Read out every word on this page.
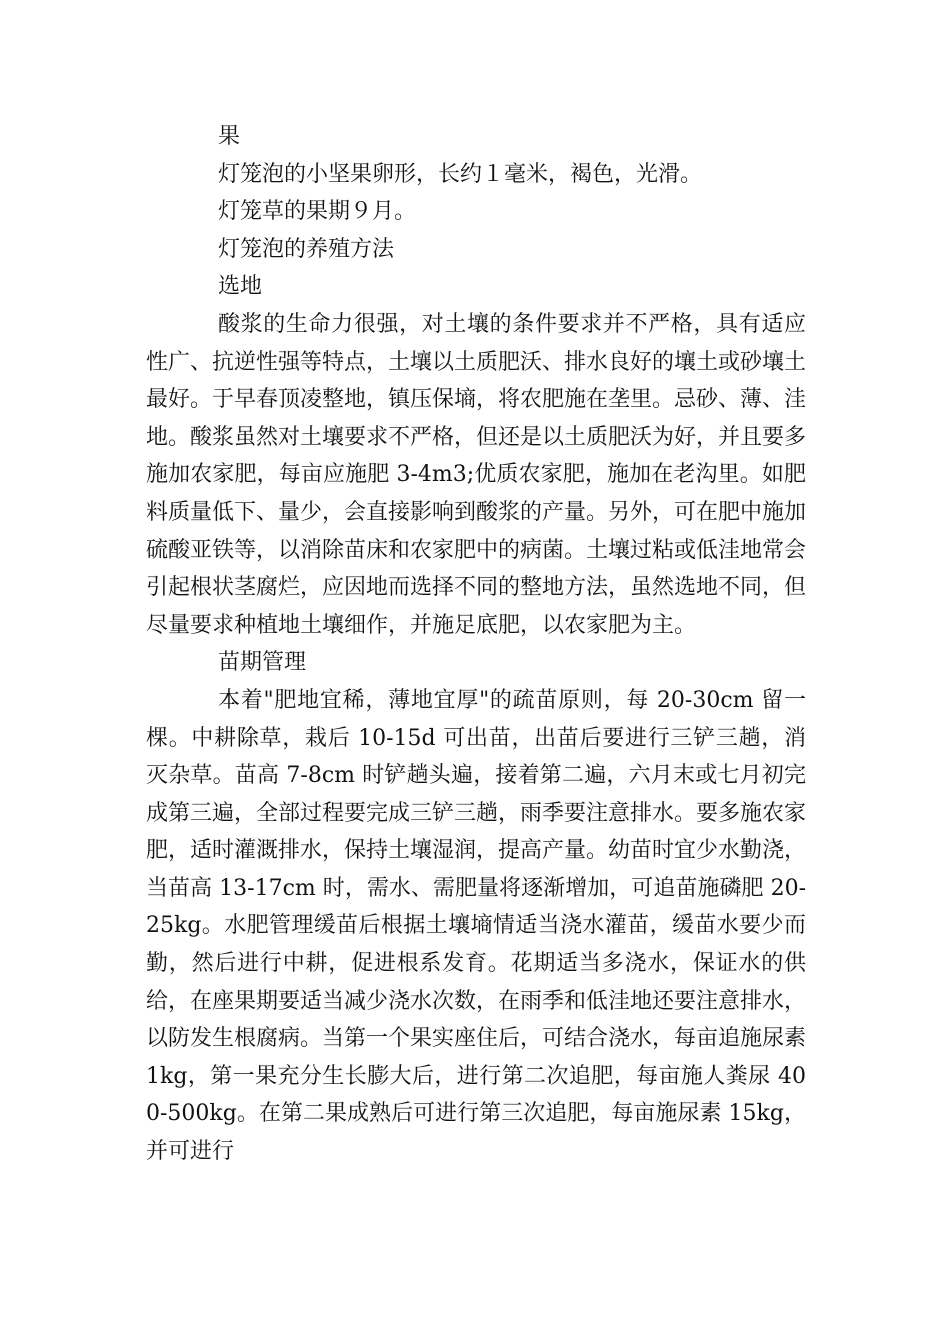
果

灯笼泡的小坚果卵形，长约１毫米，褐色，光滑。

灯笼草的果期９月。

灯笼泡的养殖方法

选地

酸浆的生命力很强，对土壤的条件要求并不严格，具有适应性广、抗逆性强等特点，土壤以土质肥沃、排水良好的壤土或砂壤土最好。于早春顶凌整地，镇压保墒，将农肥施在垄里。忌砂、薄、洼地。酸浆虽然对土壤要求不严格，但还是以土质肥沃为好，并且要多施加农家肥，每亩应施肥 3-4m3;优质农家肥，施加在老沟里。如肥料质量低下、量少，会直接影响到酸浆的产量。另外，可在肥中施加硫酸亚铁等，以消除苗床和农家肥中的病菌。土壤过粘或低洼地常会引起根状茎腐烂，应因地而选择不同的整地方法，虽然选地不同，但尽量要求种植地土壤细作，并施足底肥，以农家肥为主。

苗期管理

本着"肥地宜稀，薄地宜厚"的疏苗原则，每 20-30cm 留一棵。中耕除草，栽后 10-15d 可出苗，出苗后要进行三铲三趟，消灭杂草。苗高 7-8cm 时铲趟头遍，接着第二遍，六月末或七月初完成第三遍，全部过程要完成三铲三趟，雨季要注意排水。要多施农家肥，适时灌溉排水，保持土壤湿润，提高产量。幼苗时宜少水勤浇，当苗高 13-17cm 时，需水、需肥量将逐渐增加，可追苗施磷肥 20-25kg。水肥管理缓苗后根据土壤墒情适当浇水灌苗，缓苗水要少而勤，然后进行中耕，促进根系发育。花期适当多浇水，保证水的供给，在座果期要适当减少浇水次数，在雨季和低洼地还要注意排水，以防发生根腐病。当第一个果实座住后，可结合浇水，每亩追施尿素 1kg，第一果充分生长膨大后，进行第二次追肥，每亩施人粪尿 400-500kg。在第二果成熟后可进行第三次追肥，每亩施尿素 15kg，并可进行
